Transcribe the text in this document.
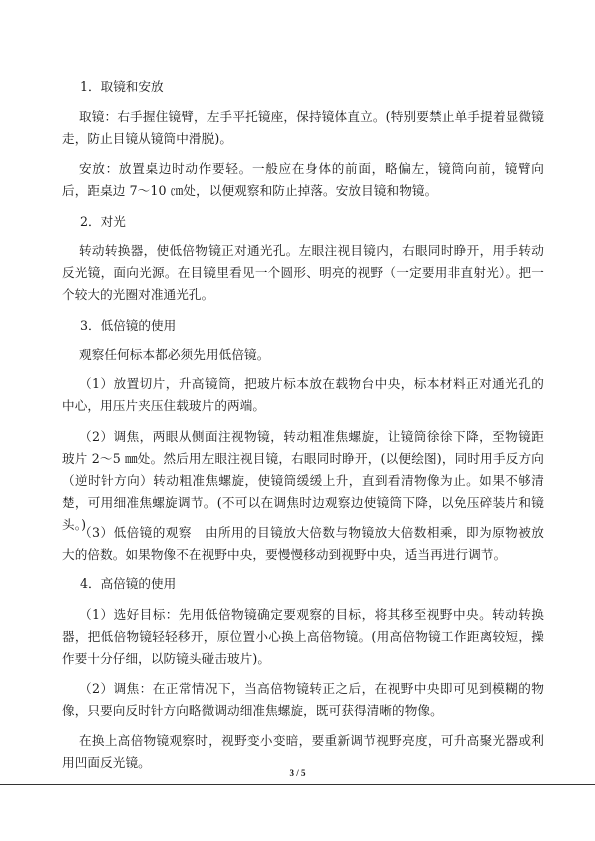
1．取镜和安放
取镜：右手握住镜臂，左手平托镜座，保持镜体直立。(特别要禁止单手提着显微镜走，防止目镜从镜筒中滑脱)。
安放：放置桌边时动作要轻。一般应在身体的前面，略偏左，镜筒向前，镜臂向后，距桌边 7～10 ㎝处，以便观察和防止掉落。安放目镜和物镜。
2．对光
转动转换器，使低倍物镜正对通光孔。左眼注视目镜内，右眼同时睁开，用手转动反光镜，面向光源。在目镜里看见一个圆形、明亮的视野（一定要用非直射光）。把一个较大的光圈对准通光孔。
3．低倍镜的使用
观察任何标本都必须先用低倍镜。
（1）放置切片，升高镜筒，把玻片标本放在载物台中央，标本材料正对通光孔的中心，用压片夹压住载玻片的两端。
（2）调焦，两眼从侧面注视物镜，转动粗准焦螺旋，让镜筒徐徐下降，至物镜距玻片 2～5 ㎜处。然后用左眼注视目镜，右眼同时睁开，(以便绘图)，同时用手反方向（逆时针方向）转动粗准焦螺旋，使镜筒缓缓上升，直到看清物像为止。如果不够清楚，可用细准焦螺旋调节。(不可以在调焦时边观察边使镜筒下降，以免压碎装片和镜头。)
（3）低倍镜的观察　由所用的目镜放大倍数与物镜放大倍数相乘，即为原物被放大的倍数。如果物像不在视野中央，要慢慢移动到视野中央，适当再进行调节。
4．高倍镜的使用
（1）选好目标：先用低倍物镜确定要观察的目标，将其移至视野中央。转动转换器，把低倍物镜轻轻移开，原位置小心换上高倍物镜。(用高倍物镜工作距离较短，操作要十分仔细，以防镜头碰击玻片)。
（2）调焦：在正常情况下，当高倍物镜转正之后，在视野中央即可见到模糊的物像，只要向反时针方向略微调动细准焦螺旋，既可获得清晰的物像。
在换上高倍物镜观察时，视野变小变暗，要重新调节视野亮度，可升高聚光器或利用凹面反光镜。
3 / 5
